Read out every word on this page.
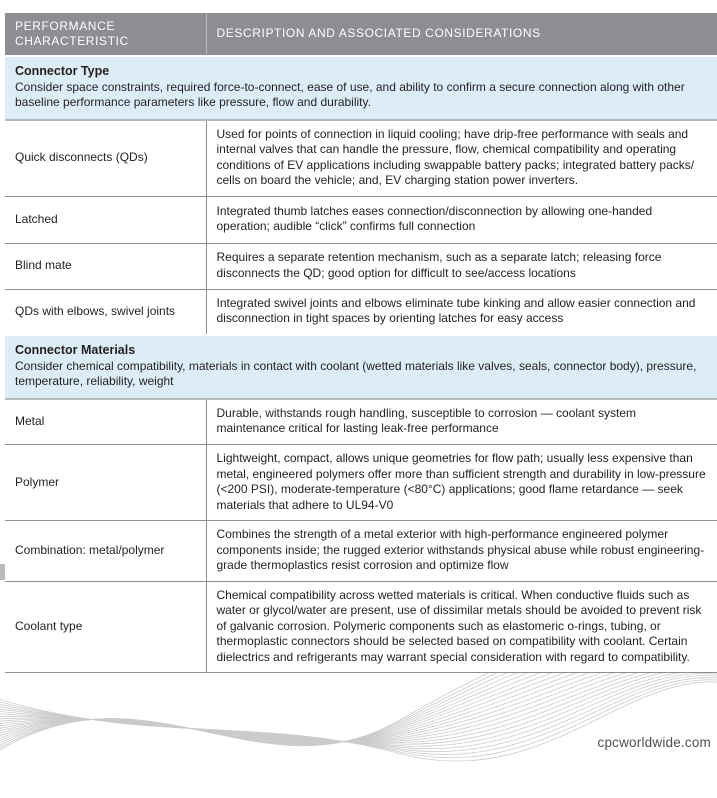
PERFORMANCE CHARACTERISTIC	DESCRIPTION AND ASSOCIATED CONSIDERATIONS

Connector Type
Consider space constraints, required force-to-connect, ease of use, and ability to confirm a secure connection along with other baseline performance parameters like pressure, flow and durability.	
Quick disconnects (QDs)	Used for points of connection in liquid cooling; have drip-free performance with seals and internal valves that can handle the pressure, flow, chemical compatibility and operating conditions of EV applications including swappable battery packs; integrated battery packs/ cells on board the vehicle; and, EV charging station power inverters.
Latched	Integrated thumb latches eases connection/disconnection by allowing one-handed operation; audible “click” confirms full connection
Blind mate	Requires a separate retention mechanism, such as a separate latch; releasing force disconnects the QD; good option for difficult to see/access locations
QDs with elbows, swivel joints	Integrated swivel joints and elbows eliminate tube kinking and allow easier connection and disconnection in tight spaces by orienting latches for easy access

Connector Materials
Consider chemical compatibility, materials in contact with coolant (wetted materials like valves, seals, connector body), pressure, temperature, reliability, weight	
Metal	Durable, withstands rough handling, susceptible to corrosion — coolant system maintenance critical for lasting leak-free performance
Polymer	Lightweight, compact, allows unique geometries for flow path; usually less expensive than metal, engineered polymers offer more than sufficient strength and durability in low-pressure (<200 PSI), moderate-temperature (<80°C) applications; good flame retardance — seek materials that adhere to UL94-V0
Combination: metal/polymer	Combines the strength of a metal exterior with high-performance engineered polymer components inside; the rugged exterior withstands physical abuse while robust engineering-grade thermoplastics resist corrosion and optimize flow
Coolant type	Chemical compatibility across wetted materials is critical. When conductive fluids such as water or glycol/water are present, use of dissimilar metals should be avoided to prevent risk of galvanic corrosion. Polymeric components such as elastomeric o-rings, tubing, or thermoplastic connectors should be selected based on compatibility with coolant. Certain dielectrics and refrigerants may warrant special consideration with regard to compatibility.
cpcworldwide.com
